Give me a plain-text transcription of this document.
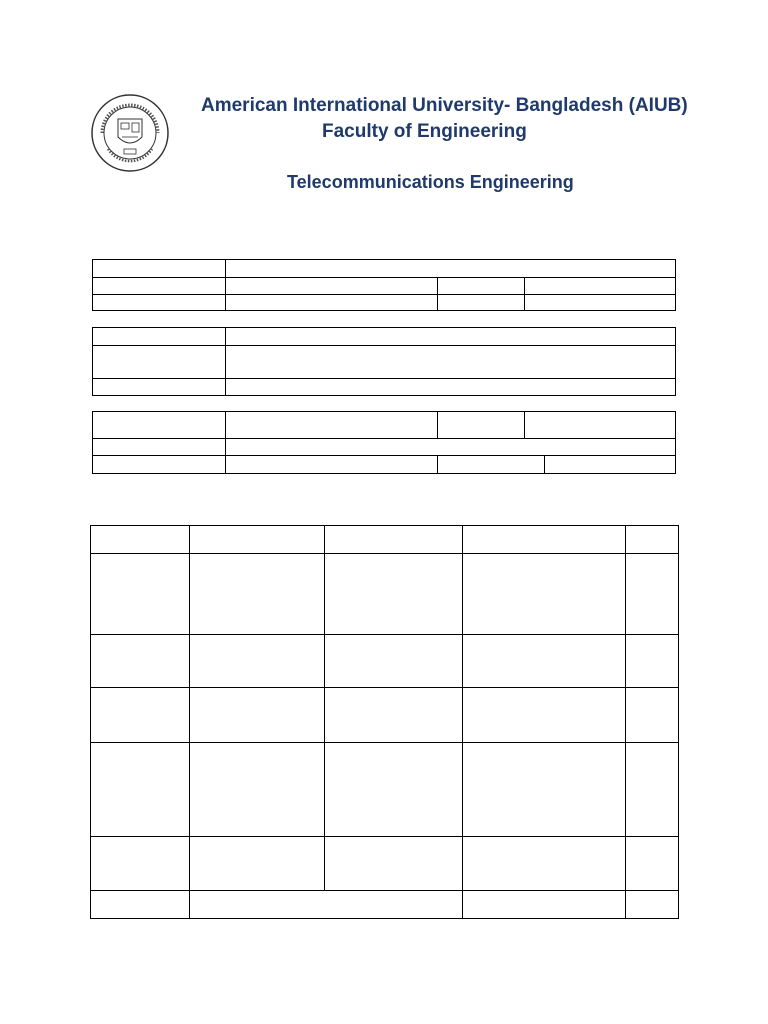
American International University- Bangladesh (AIUB)
Faculty of Engineering
Telecommunications Engineering
